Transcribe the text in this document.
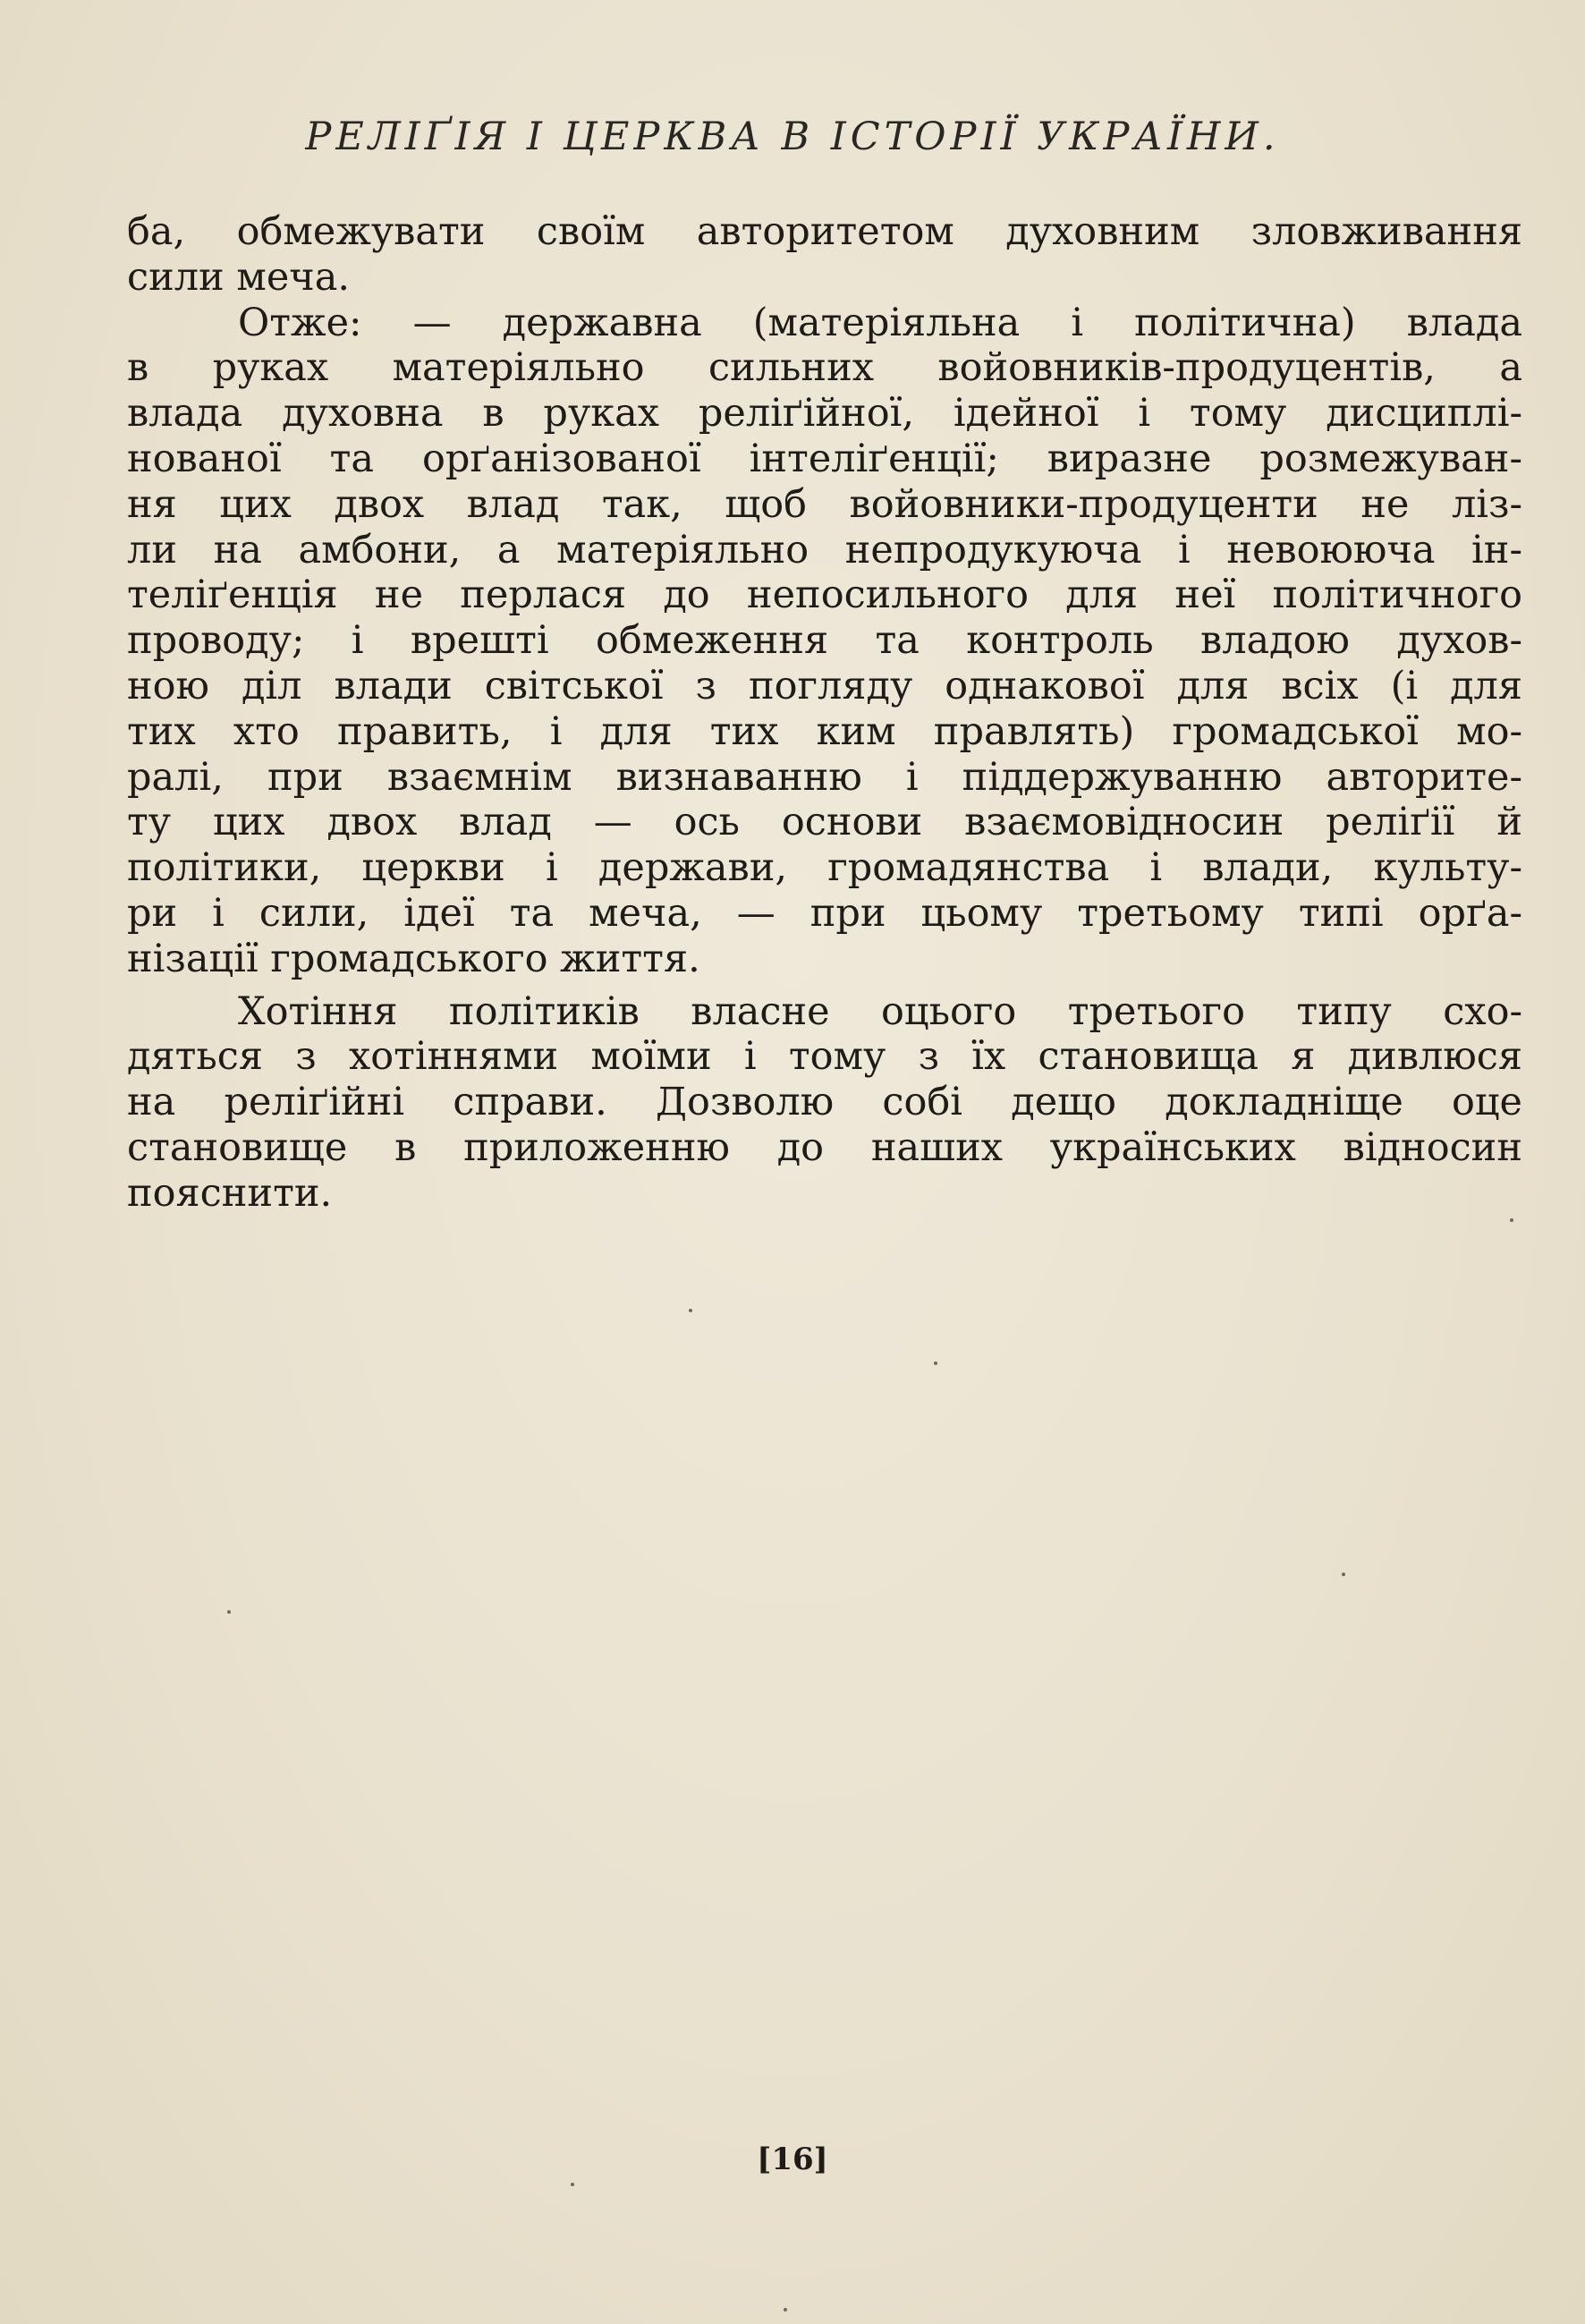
РЕЛІҐІЯ І ЦЕРКВА В ІСТОРІЇ УКРАЇНИ.
ба, обмежувати своїм авторитетом духовним зловживання
сили меча.
Отже: — державна (матеріяльна і політична) влада
в руках матеріяльно сильних войовників-продуцентів, а
влада духовна в руках реліґійної, ідейної і тому дисциплі-
нованої та орґанізованої інтеліґенції; виразне розмежуван-
ня цих двох влад так, щоб войовники-продуценти не ліз-
ли на амбони, а матеріяльно непродукуюча і невоююча ін-
теліґенція не перлася до непосильного для неї політичного
проводу; і врешті обмеження та контроль владою духов-
ною діл влади світської з погляду однакової для всіх (і для
тих хто править, і для тих ким правлять) громадської мо-
ралі, при взаємнім визнаванню і піддержуванню авторите-
ту цих двох влад — ось основи взаємовідносин реліґії й
політики, церкви і держави, громадянства і влади, культу-
ри і сили, ідеї та меча, — при цьому третьому типі орґа-
нізації громадського життя.
Хотіння політиків власне оцього третього типу схо-
дяться з хотіннями моїми і тому з їх становища я дивлюся
на реліґійні справи. Дозволю собі дещо докладніще оце
становище в приложенню до наших українських відносин
пояснити.
[16]
